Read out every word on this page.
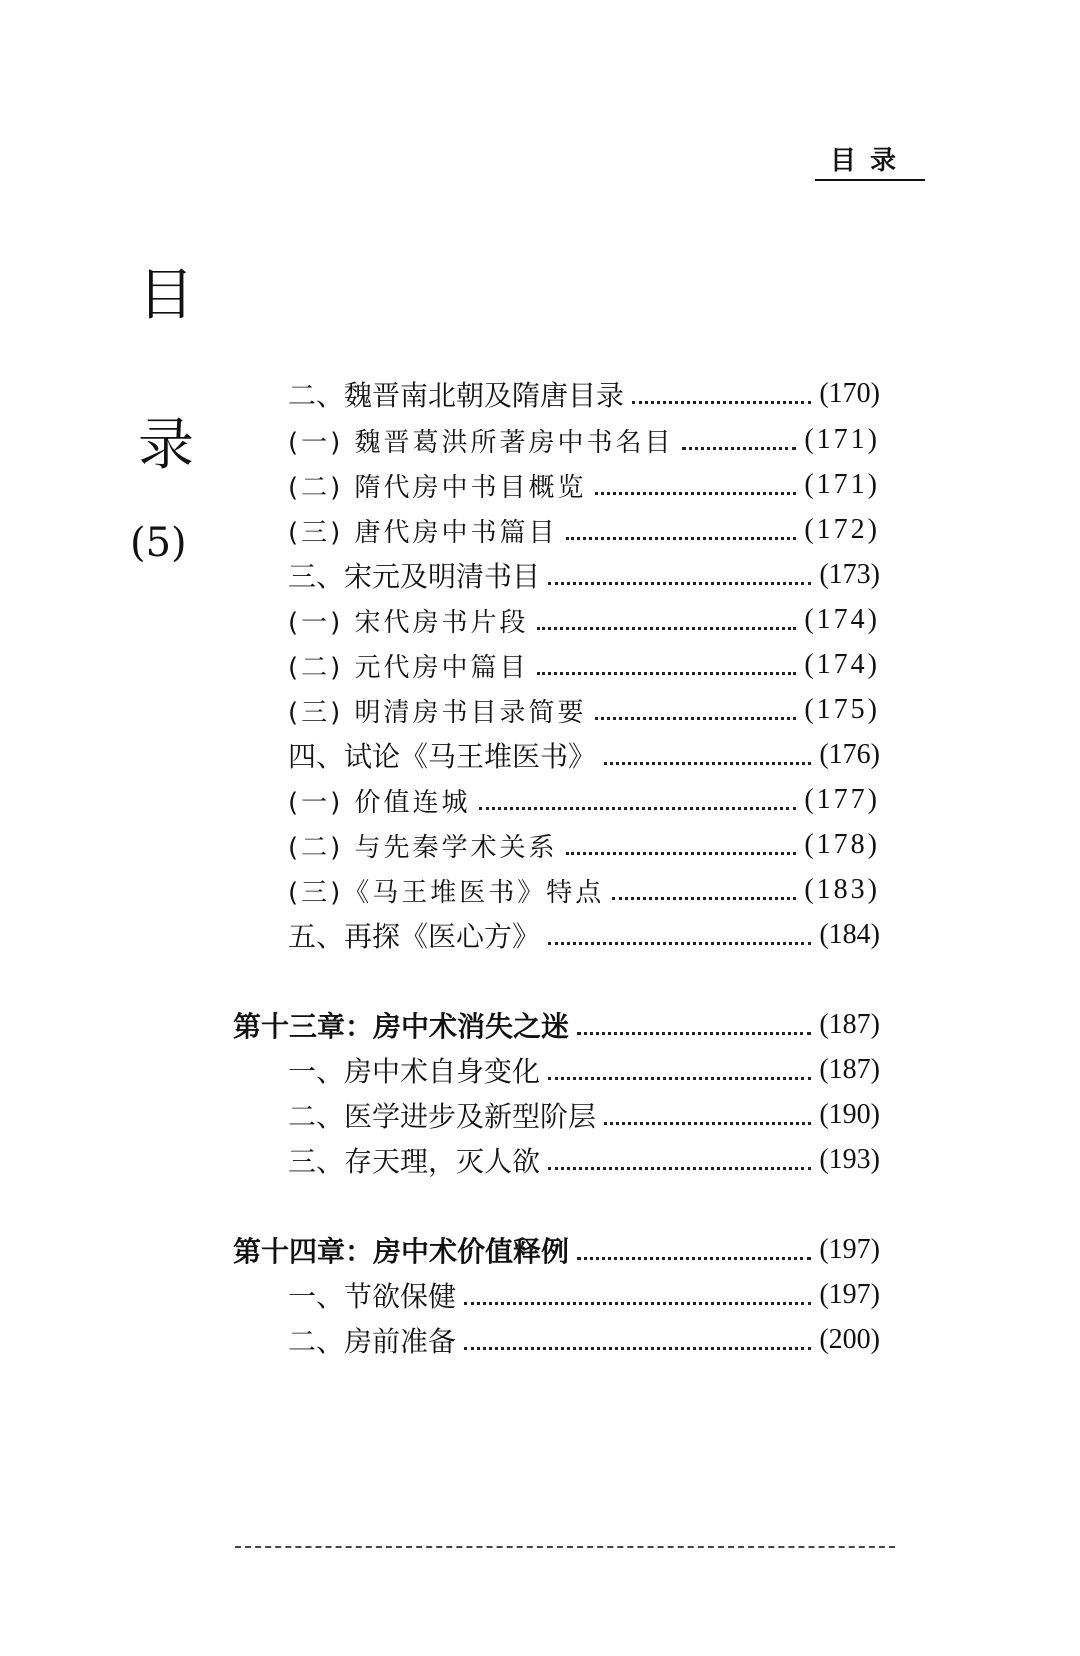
目录
目
录
(5)
二、魏晋南北朝及隋唐目录	(170)
(一) 魏晋葛洪所著房中书名目	(171)
(二) 隋代房中书目概览	(171)
(三) 唐代房中书篇目	(172)
三、宋元及明清书目	(173)
(一) 宋代房书片段	(174)
(二) 元代房中篇目	(174)
(三) 明清房书目录简要	(175)
四、试论《马王堆医书》	(176)
(一) 价值连城	(177)
(二) 与先秦学术关系	(178)
(三)《马王堆医书》特点	(183)
五、再探《医心方》	(184)
第十三章：房中术消失之迷	(187)
一、房中术自身变化	(187)
二、医学进步及新型阶层	(190)
三、存天理，灭人欲	(193)
第十四章：房中术价值释例	(197)
一、节欲保健	(197)
二、房前准备	(200)
